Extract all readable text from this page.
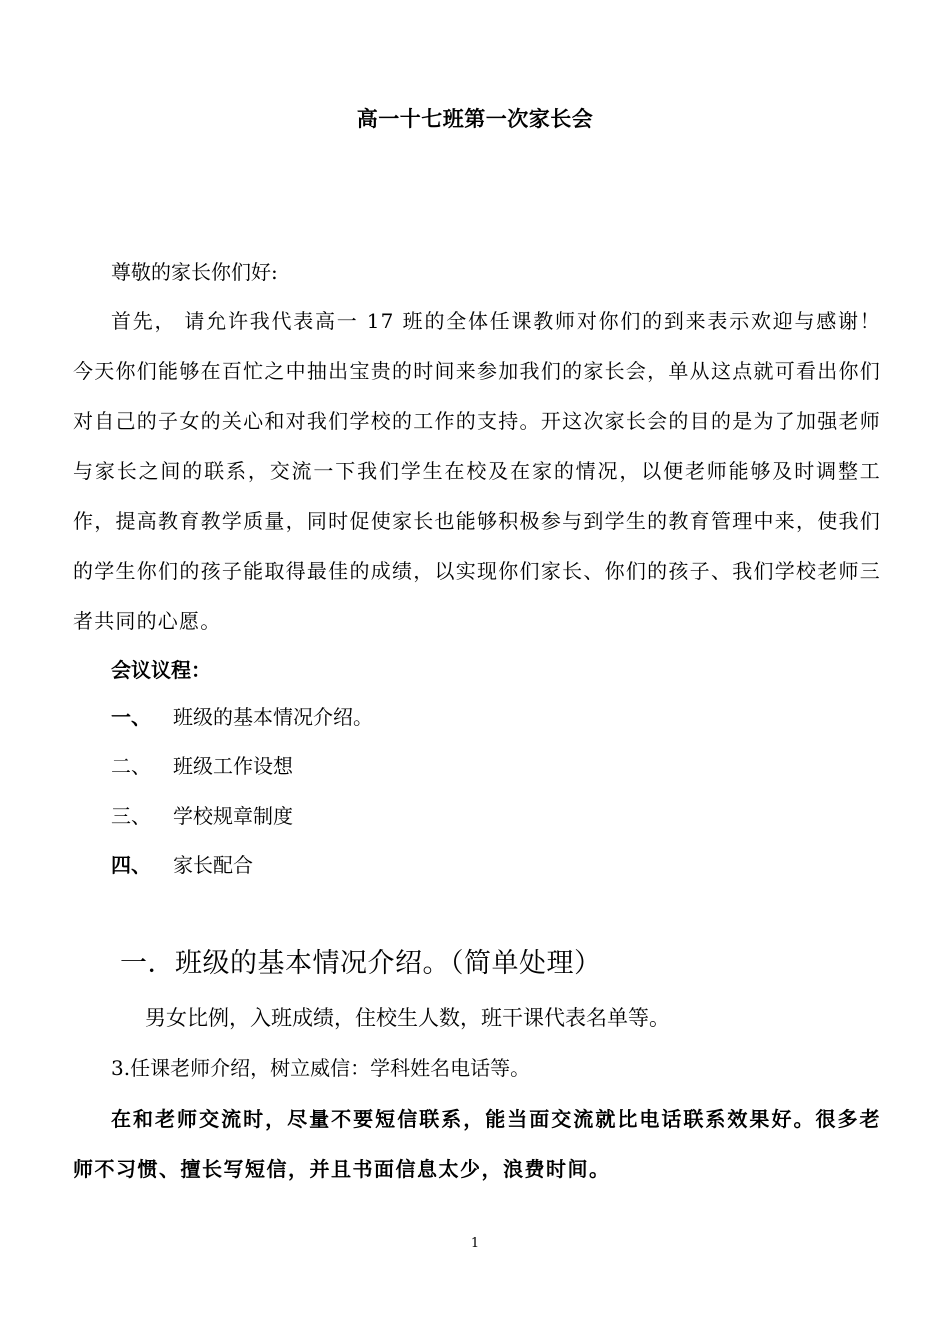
高一十七班第一次家长会
尊敬的家长你们好:

首先， 请允许我代表高一 17 班的全体任课教师对你们的到来表示欢迎与感谢！今天你们能够在百忙之中抽出宝贵的时间来参加我们的家长会，单从这点就可看出你们对自己的子女的关心和对我们学校的工作的支持。开这次家长会的目的是为了加强老师与家长之间的联系，交流一下我们学生在校及在家的情况，以便老师能够及时调整工作，提高教育教学质量，同时促使家长也能够积极参与到学生的教育管理中来，使我们的学生你们的孩子能取得最佳的成绩，以实现你们家长、你们的孩子、我们学校老师三者共同的心愿。

会议议程：
一、 班级的基本情况介绍。
二、 班级工作设想
三、 学校规章制度
四、 家长配合
一．班级的基本情况介绍。（简单处理）
男女比例，入班成绩，住校生人数，班干课代表名单等。
3.任课老师介绍，树立威信：学科姓名电话等。

在和老师交流时，尽量不要短信联系，能当面交流就比电话联系效果好。很多老师不习惯、擅长写短信，并且书面信息太少，浪费时间。

1
